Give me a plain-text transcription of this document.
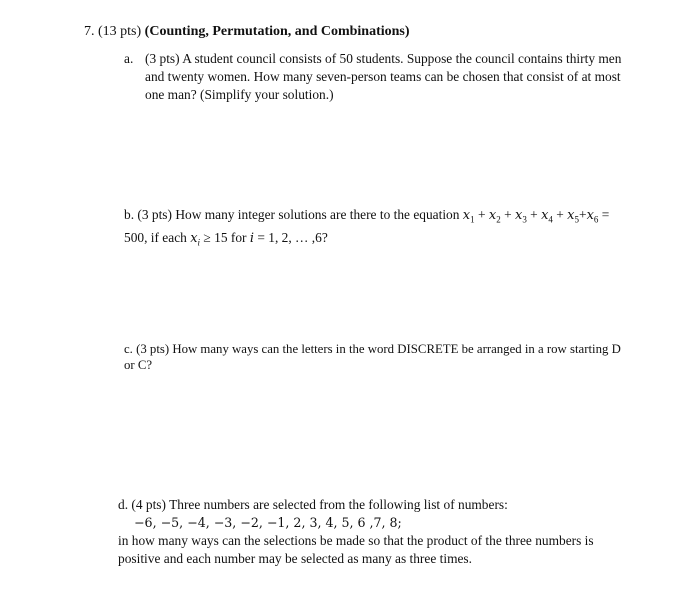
7. (13 pts) (Counting, Permutation, and Combinations)
a. (3 pts) A student council consists of 50 students. Suppose the council contains thirty men and twenty women. How many seven-person teams can be chosen that consist of at most one man? (Simplify your solution.)
b. (3 pts) How many integer solutions are there to the equation $x_1 + x_2 + x_3 + x_4 + x_5+x_6 = 500$, if each $x_i \ge 15$ for i = 1, 2, … ,6?
c. (3 pts) How many ways can the letters in the word DISCRETE be arranged in a row starting D or C?
d. (4 pts) Three numbers are selected from the following list of numbers:
−6, −5, −4, −3, −2, −1, 2, 3, 4, 5, 6 ,7, 8;
in how many ways can the selections be made so that the product of the three numbers is positive and each number may be selected as many as three times.
